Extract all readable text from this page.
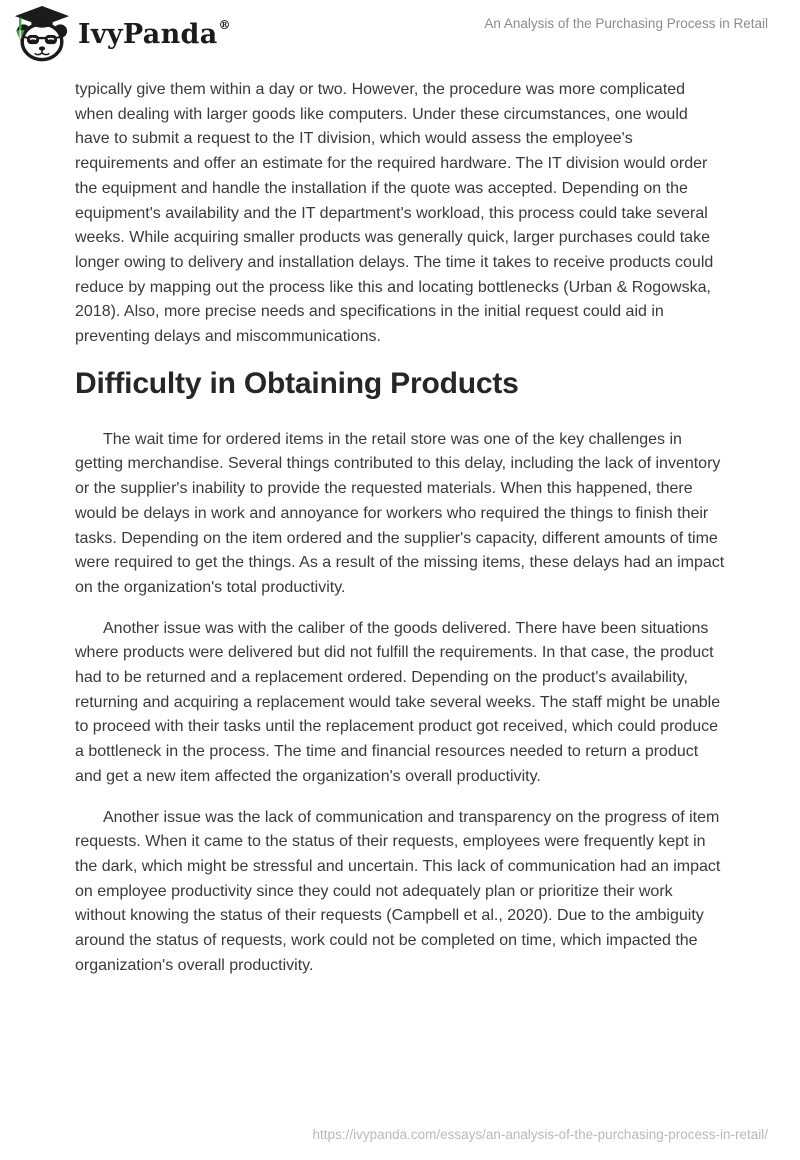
IvyPanda ®	An Analysis of the Purchasing Process in Retail

typically give them within a day or two. However, the procedure was more complicated when dealing with larger goods like computers. Under these circumstances, one would have to submit a request to the IT division, which would assess the employee's requirements and offer an estimate for the required hardware. The IT division would order the equipment and handle the installation if the quote was accepted. Depending on the equipment's availability and the IT department's workload, this process could take several weeks. While acquiring smaller products was generally quick, larger purchases could take longer owing to delivery and installation delays. The time it takes to receive products could reduce by mapping out the process like this and locating bottlenecks (Urban & Rogowska, 2018). Also, more precise needs and specifications in the initial request could aid in preventing delays and miscommunications.

Difficulty in Obtaining Products

The wait time for ordered items in the retail store was one of the key challenges in getting merchandise. Several things contributed to this delay, including the lack of inventory or the supplier's inability to provide the requested materials. When this happened, there would be delays in work and annoyance for workers who required the things to finish their tasks. Depending on the item ordered and the supplier's capacity, different amounts of time were required to get the things. As a result of the missing items, these delays had an impact on the organization's total productivity.

Another issue was with the caliber of the goods delivered. There have been situations where products were delivered but did not fulfill the requirements. In that case, the product had to be returned and a replacement ordered. Depending on the product's availability, returning and acquiring a replacement would take several weeks. The staff might be unable to proceed with their tasks until the replacement product got received, which could produce a bottleneck in the process. The time and financial resources needed to return a product and get a new item affected the organization's overall productivity.

Another issue was the lack of communication and transparency on the progress of item requests. When it came to the status of their requests, employees were frequently kept in the dark, which might be stressful and uncertain. This lack of communication had an impact on employee productivity since they could not adequately plan or prioritize their work without knowing the status of their requests (Campbell et al., 2020). Due to the ambiguity around the status of requests, work could not be completed on time, which impacted the organization's overall productivity.

https://ivypanda.com/essays/an-analysis-of-the-purchasing-process-in-retail/
